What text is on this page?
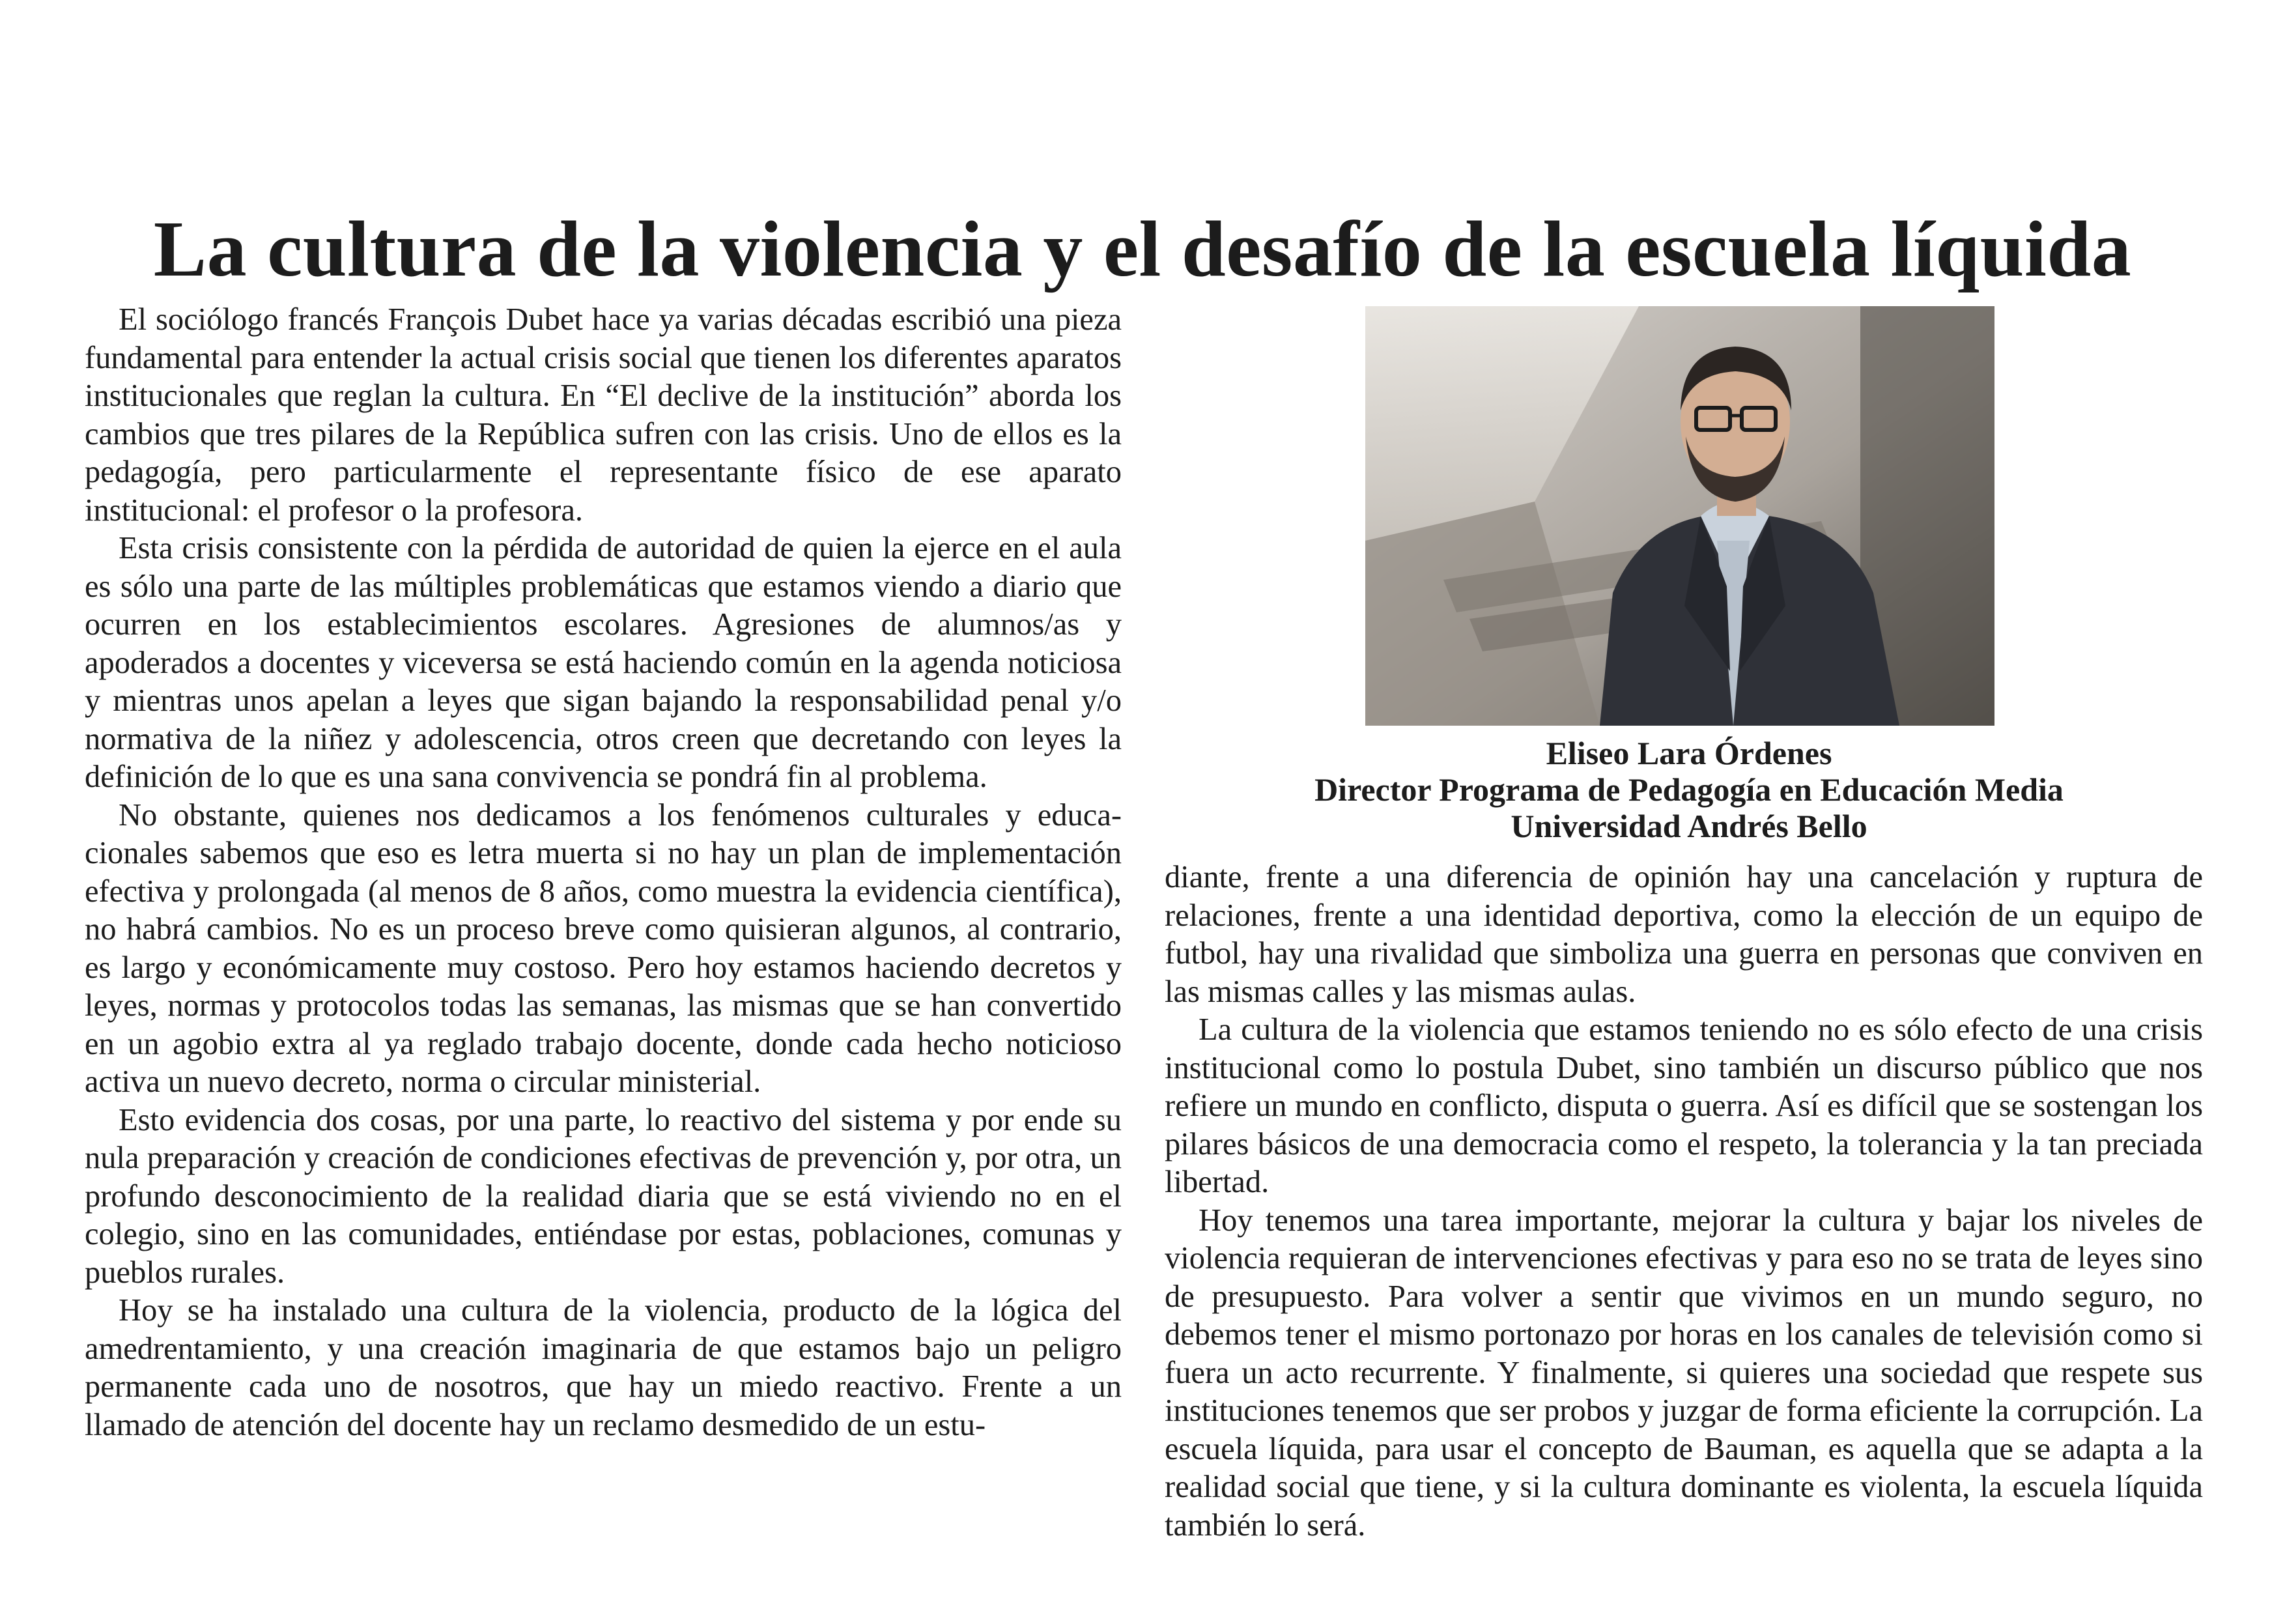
La cultura de la violencia y el desafío de la escuela líquida

El sociólogo francés François Dubet hace ya varias décadas escribió una pieza fundamental para entender la actual crisis social que tienen los diferentes aparatos institucionales que reglan la cultura. En “El declive de la institución” aborda los cambios que tres pilares de la República sufren con las crisis. Uno de ellos es la pedagogía, pero particularmente el representante físico de ese aparato institucional: el profesor o la profesora.

Esta crisis consistente con la pérdida de autoridad de quien la ejerce en el aula es sólo una parte de las múltiples problemáticas que estamos viendo a diario que ocurren en los establecimientos escolares. Agresiones de alumnos/as y apoderados a docentes y viceversa se está haciendo común en la agenda noticiosa y mientras unos apelan a leyes que sigan bajando la responsabilidad penal y/o normativa de la niñez y adolescencia, otros creen que decretando con leyes la definición de lo que es una sana convivencia se pondrá fin al problema.

No obstante, quienes nos dedicamos a los fenómenos culturales y educacionales sabemos que eso es letra muerta si no hay un plan de implementación efectiva y prolongada (al menos de 8 años, como muestra la evidencia científica), no habrá cambios. No es un proceso breve como quisieran algunos, al contrario, es largo y económicamente muy costoso. Pero hoy estamos haciendo decretos y leyes, normas y protocolos todas las semanas, las mismas que se han convertido en un agobio extra al ya reglado trabajo docente, donde cada hecho noticioso activa un nuevo decreto, norma o circular ministerial.

Esto evidencia dos cosas, por una parte, lo reactivo del sistema y por ende su nula preparación y creación de condiciones efectivas de prevención y, por otra, un profundo desconocimiento de la realidad diaria que se está viviendo no en el colegio, sino en las comunidades, entiéndase por estas, poblaciones, comunas y pueblos rurales.

Hoy se ha instalado una cultura de la violencia, producto de la lógica del amedrentamiento, y una creación imaginaria de que estamos bajo un peligro permanente cada uno de nosotros, que hay un miedo reactivo. Frente a un llamado de atención del docente hay un reclamo desmedido de un estu-

Eliseo Lara Órdenes
Director Programa de Pedagogía en Educación Media
Universidad Andrés Bello

diante, frente a una diferencia de opinión hay una cancelación y ruptura de relaciones, frente a una identidad deportiva, como la elección de un equipo de futbol, hay una rivalidad que simboliza una guerra en personas que conviven en las mismas calles y las mismas aulas.

La cultura de la violencia que estamos teniendo no es sólo efecto de una crisis institucional como lo postula Dubet, sino también un discurso público que nos refiere un mundo en conflicto, disputa o guerra. Así es difícil que se sostengan los pilares básicos de una democracia como el respeto, la tolerancia y la tan preciada libertad.

Hoy tenemos una tarea importante, mejorar la cultura y bajar los niveles de violencia requieran de intervenciones efectivas y para eso no se trata de leyes sino de presupuesto. Para volver a sentir que vivimos en un mundo seguro, no debemos tener el mismo portonazo por horas en los canales de televisión como si fuera un acto recurrente. Y finalmente, si quieres una sociedad que respete sus instituciones tenemos que ser probos y juzgar de forma eficiente la corrupción. La escuela líquida, para usar el concepto de Bauman, es aquella que se adapta a la realidad social que tiene, y si la cultura dominante es violenta, la escuela líquida también lo será.
